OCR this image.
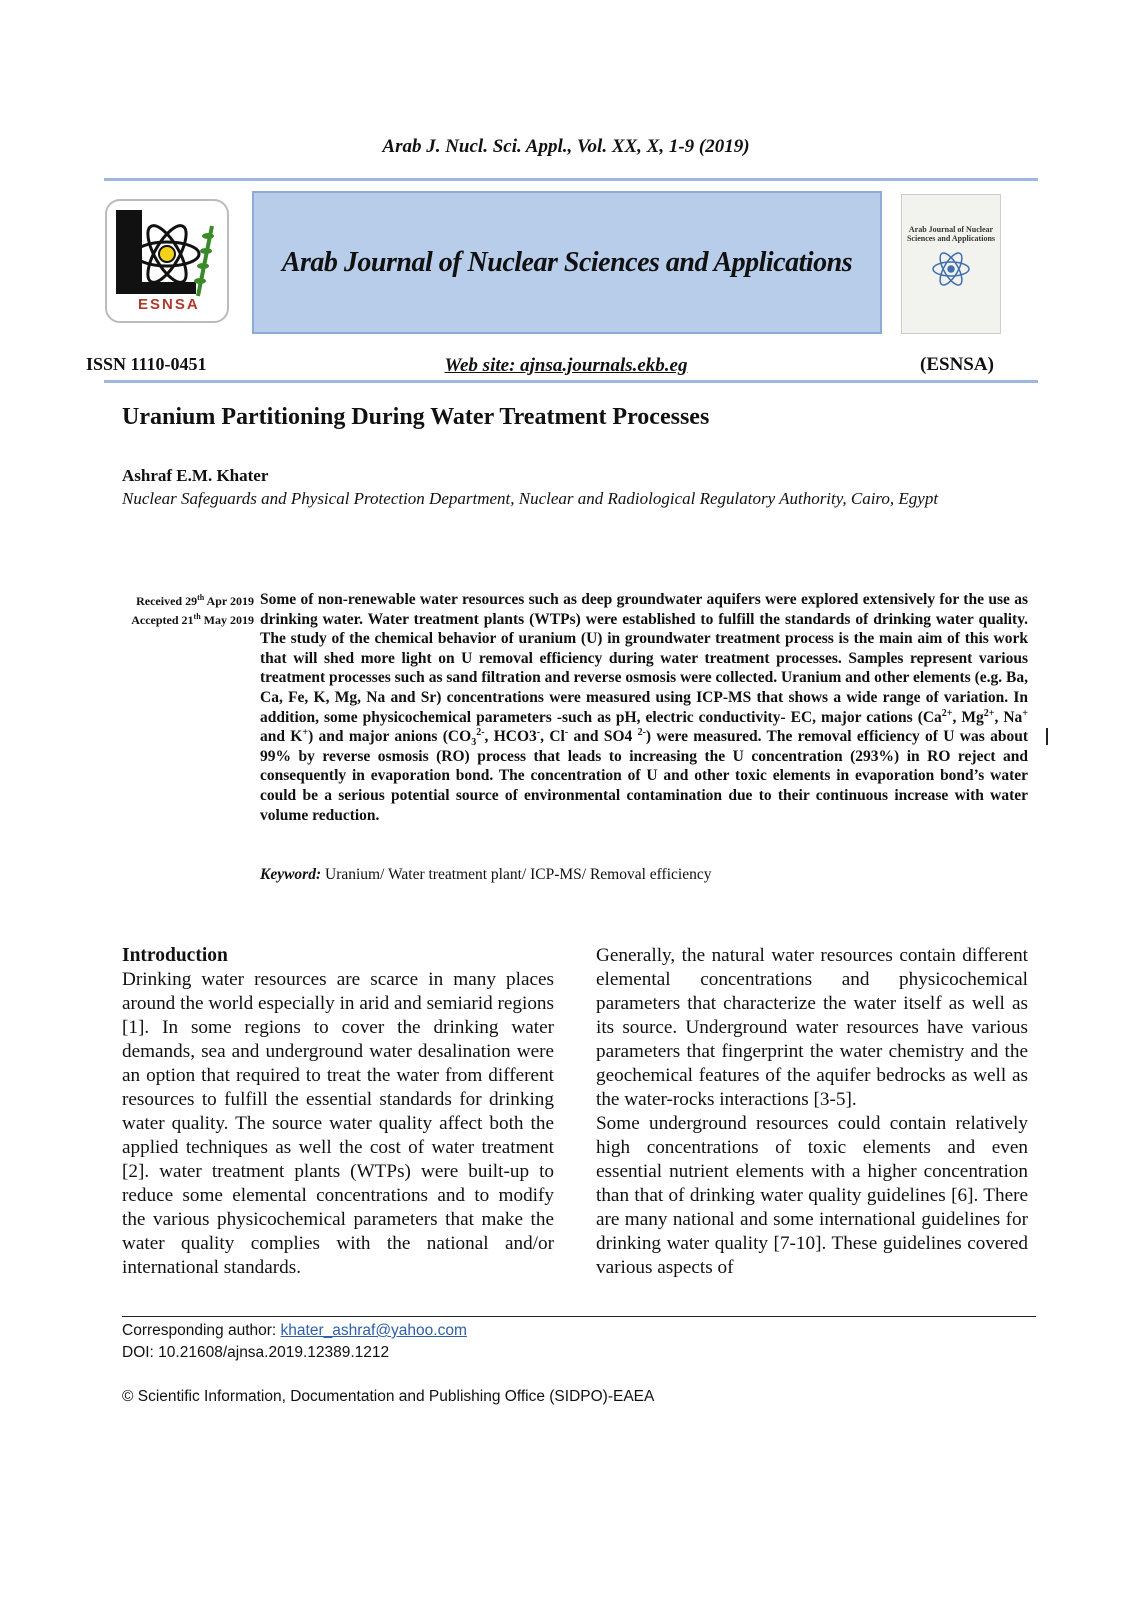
Arab J. Nucl. Sci. Appl., Vol. XX, X, 1-9 (2019)
ESNSA
Arab Journal of Nuclear Sciences and Applications
Arab Journal of Nuclear Sciences and Applications
ISSN 1110-0451	Web site: ajnsa.journals.ekb.eg	(ESNSA)
Uranium Partitioning During Water Treatment Processes
Ashraf E.M. Khater
Nuclear Safeguards and Physical Protection Department, Nuclear and Radiological Regulatory Authority, Cairo, Egypt
Received 29th Apr 2019
Accepted 21th May 2019
Some of non-renewable water resources such as deep groundwater aquifers were explored extensively for the use as drinking water. Water treatment plants (WTPs) were established to fulfill the standards of drinking water quality. The study of the chemical behavior of uranium (U) in groundwater treatment process is the main aim of this work that will shed more light on U removal efficiency during water treatment processes. Samples represent various treatment processes such as sand filtration and reverse osmosis were collected. Uranium and other elements (e.g. Ba, Ca, Fe, K, Mg, Na and Sr) concentrations were measured using ICP-MS that shows a wide range of variation. In addition, some physicochemical parameters -such as pH, electric conductivity- EC, major cations ($Ca^{2+}$, $Mg^{2+}$, Na+ and K+) and major anions ($CO_3^{2-}$, HCO3-, Cl- and SO4 $^{2-}$) were measured. The removal efficiency of U was about 99% by reverse osmosis (RO) process that leads to increasing the U concentration (293%) in RO reject and consequently in evaporation bond. The concentration of U and other toxic elements in evaporation bond’s water could be a serious potential source of environmental contamination due to their continuous increase with water volume reduction.
Keyword: Uranium/ Water treatment plant/ ICP-MS/ Removal efficiency
Introduction

Drinking water resources are scarce in many places around the world especially in arid and semiarid regions [1]. In some regions to cover the drinking water demands, sea and underground water desalination were an option that required to treat the water from different resources to fulfill the essential standards for drinking water quality. The source water quality affect both the applied techniques as well the cost of water treatment [2]. water treatment plants (WTPs) were built-up to reduce some elemental concentrations and to modify the various physicochemical parameters that make the water quality complies with the national and/or international standards.

Generally, the natural water resources contain different elemental concentrations and physicochemical parameters that characterize the water itself as well as its source. Underground water resources have various parameters that fingerprint the water chemistry and the geochemical features of the aquifer bedrocks as well as the water-rocks interactions [3-5].

Some underground resources could contain relatively high concentrations of toxic elements and even essential nutrient elements with a higher concentration than that of drinking water quality guidelines [6]. There are many national and some international guidelines for drinking water quality [7-10]. These guidelines covered various aspects of

Corresponding author: khater_ashraf@yahoo.com
DOI: 10.21608/ajnsa.2019.12389.1212
© Scientific Information, Documentation and Publishing Office (SIDPO)-EAEA
